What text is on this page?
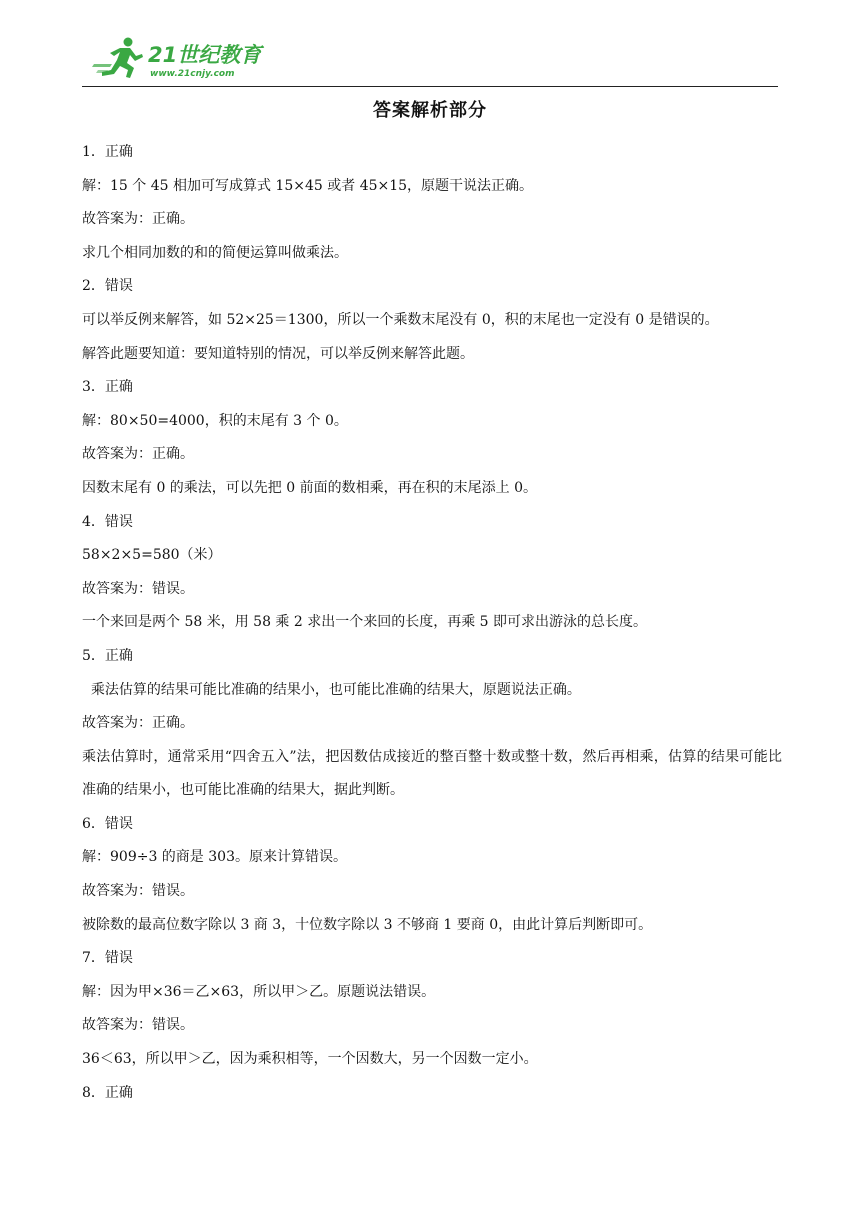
21世纪教育
www.21cnjy.com
答案解析部分
1．正确
解：15 个 45 相加可写成算式 15×45 或者 45×15，原题干说法正确。
故答案为：正确。
求几个相同加数的和的简便运算叫做乘法。
2．错误
可以举反例来解答，如 52×25＝1300，所以一个乘数末尾没有 0，积的末尾也一定没有 0 是错误的。
解答此题要知道：要知道特别的情况，可以举反例来解答此题。
3．正确
解：80×50=4000，积的末尾有 3 个 0。
故答案为：正确。
因数末尾有 0 的乘法，可以先把 0 前面的数相乘，再在积的末尾添上 0。
4．错误
58×2×5=580（米）
故答案为：错误。
一个来回是两个 58 米，用 58 乘 2 求出一个来回的长度，再乘 5 即可求出游泳的总长度。
5．正确
乘法估算的结果可能比准确的结果小，也可能比准确的结果大，原题说法正确。
故答案为：正确。
乘法估算时，通常采用“四舍五入”法，把因数估成接近的整百整十数或整十数，然后再相乘，估算的结果可能比准确的结果小，也可能比准确的结果大，据此判断。
6．错误
解：909÷3 的商是 303。原来计算错误。
故答案为：错误。
被除数的最高位数字除以 3 商 3，十位数字除以 3 不够商 1 要商 0，由此计算后判断即可。
7．错误
解：因为甲×36＝乙×63，所以甲＞乙。原题说法错误。
故答案为：错误。
36＜63，所以甲＞乙，因为乘积相等，一个因数大，另一个因数一定小。
8．正确
